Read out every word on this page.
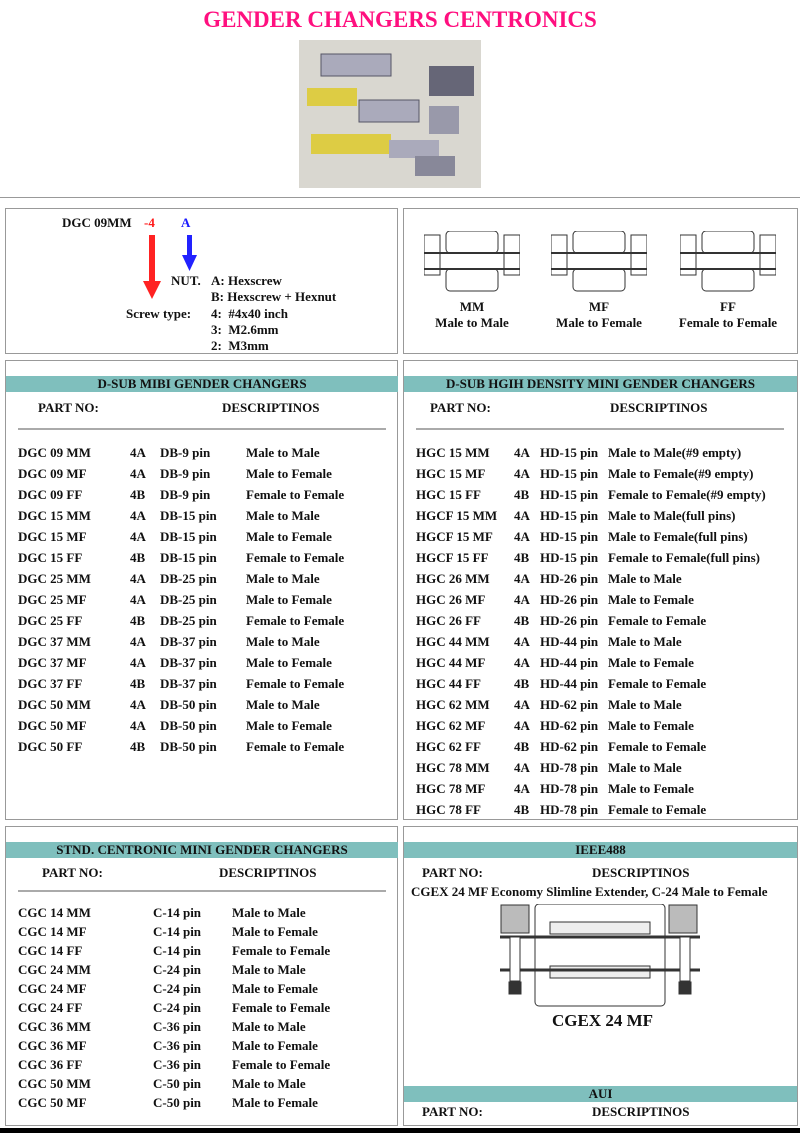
GENDER CHANGERS CENTRONICS
DGC 09MM -4 A
NUT. A: Hexscrew
B: Hexscrew + Hexnut
Screw type: 4:  #4x40 inch
3:  M2.6mm
2:  M3mm
MM
Male to Male
MF
Male to Female
FF
Female to Female
D-SUB MIBI GENDER CHANGERS	D-SUB HGIH DENSITY MINI GENDER CHANGERS
PART NO:	DESCRIPTINOS	PART NO:	DESCRIPTINOS
DGC 09 MM	4A DB-9 pin	Male to Male
DGC 09 MF	4A DB-9 pin	Male to Female
DGC 09 FF	4B DB-9 pin	Female to Female
DGC 15 MM	4A DB-15 pin Male to Male
DGC 15 MF	4A DB-15 pin Male to Female
DGC 15 FF	4B DB-15 pin Female to Female
DGC 25 MM	4A DB-25 pin Male to Male
DGC 25 MF	4A DB-25 pin Male to Female
DGC 25 FF	4B DB-25 pin Female to Female
DGC 37 MM	4A DB-37 pin Male to Male
DGC 37 MF	4A DB-37 pin Male to Female
DGC 37 FF	4B DB-37 pin Female to Female
DGC 50 MM	4A DB-50 pin Male to Male
DGC 50 MF	4A DB-50 pin Male to Female
DGC 50 FF	4B DB-50 pin Female to Female
HGC 15 MM 4A HD-15 pin Male to Male(#9 empty)
HGC 15 MF 4A HD-15 pin Male to Female(#9 empty)
HGC 15 FF	4B HD-15 pin Female to Female(#9 empty)
HGCF 15 MM 4A HD-15 pin Male to Male(full pins)
HGCF 15 MF 4A HD-15 pin Male to Female(full pins)
HGCF 15 FF 4B HD-15 pin Female to Female(full pins)
HGC 26 MM 4A HD-26 pin Male to Male
HGC 26 MF 4A HD-26 pin Male to Female
HGC 26 FF	4B HD-26 pin Female to Female
HGC 44 MM 4A HD-44 pin Male to Male
HGC 44 MF 4A HD-44 pin Male to Female
HGC 44 FF	4B HD-44 pin Female to Female
HGC 62 MM 4A HD-62 pin Male to Male
HGC 62 MF 4A HD-62 pin Male to Female
HGC 62 FF	4B HD-62 pin Female to Female
HGC 78 MM 4A HD-78 pin Male to Male
HGC 78 MF 4A HD-78 pin Male to Female
HGC 78 FF	4B HD-78 pin Female to Female
STND. CENTRONIC MINI GENDER CHANGERS	IEEE488
PART NO:	DESCRIPTINOS
CGC 14 MM	C-14 pin Male to Male
CGC 14 MF	C-14 pin Male to Female
CGC 14 FF	C-14 pin Female to Female
CGC 24 MM	C-24 pin Male to Male
CGC 24 MF	C-24 pin Male to Female
CGC 24 FF	C-24 pin Female to Female
CGC 36 MM	C-36 pin Male to Male
CGC 36 MF	C-36 pin Male to Female
CGC 36 FF	C-36 pin Female to Female
CGC 50 MM	C-50 pin Male to Male
CGC 50 MF	C-50 pin Male to Female
PART NO:	DESCRIPTINOS
CGEX 24 MF Economy Slimline Extender, C-24 Male to Female
CGEX 24 MF
AUI
PART NO:	DESCRIPTINOS
